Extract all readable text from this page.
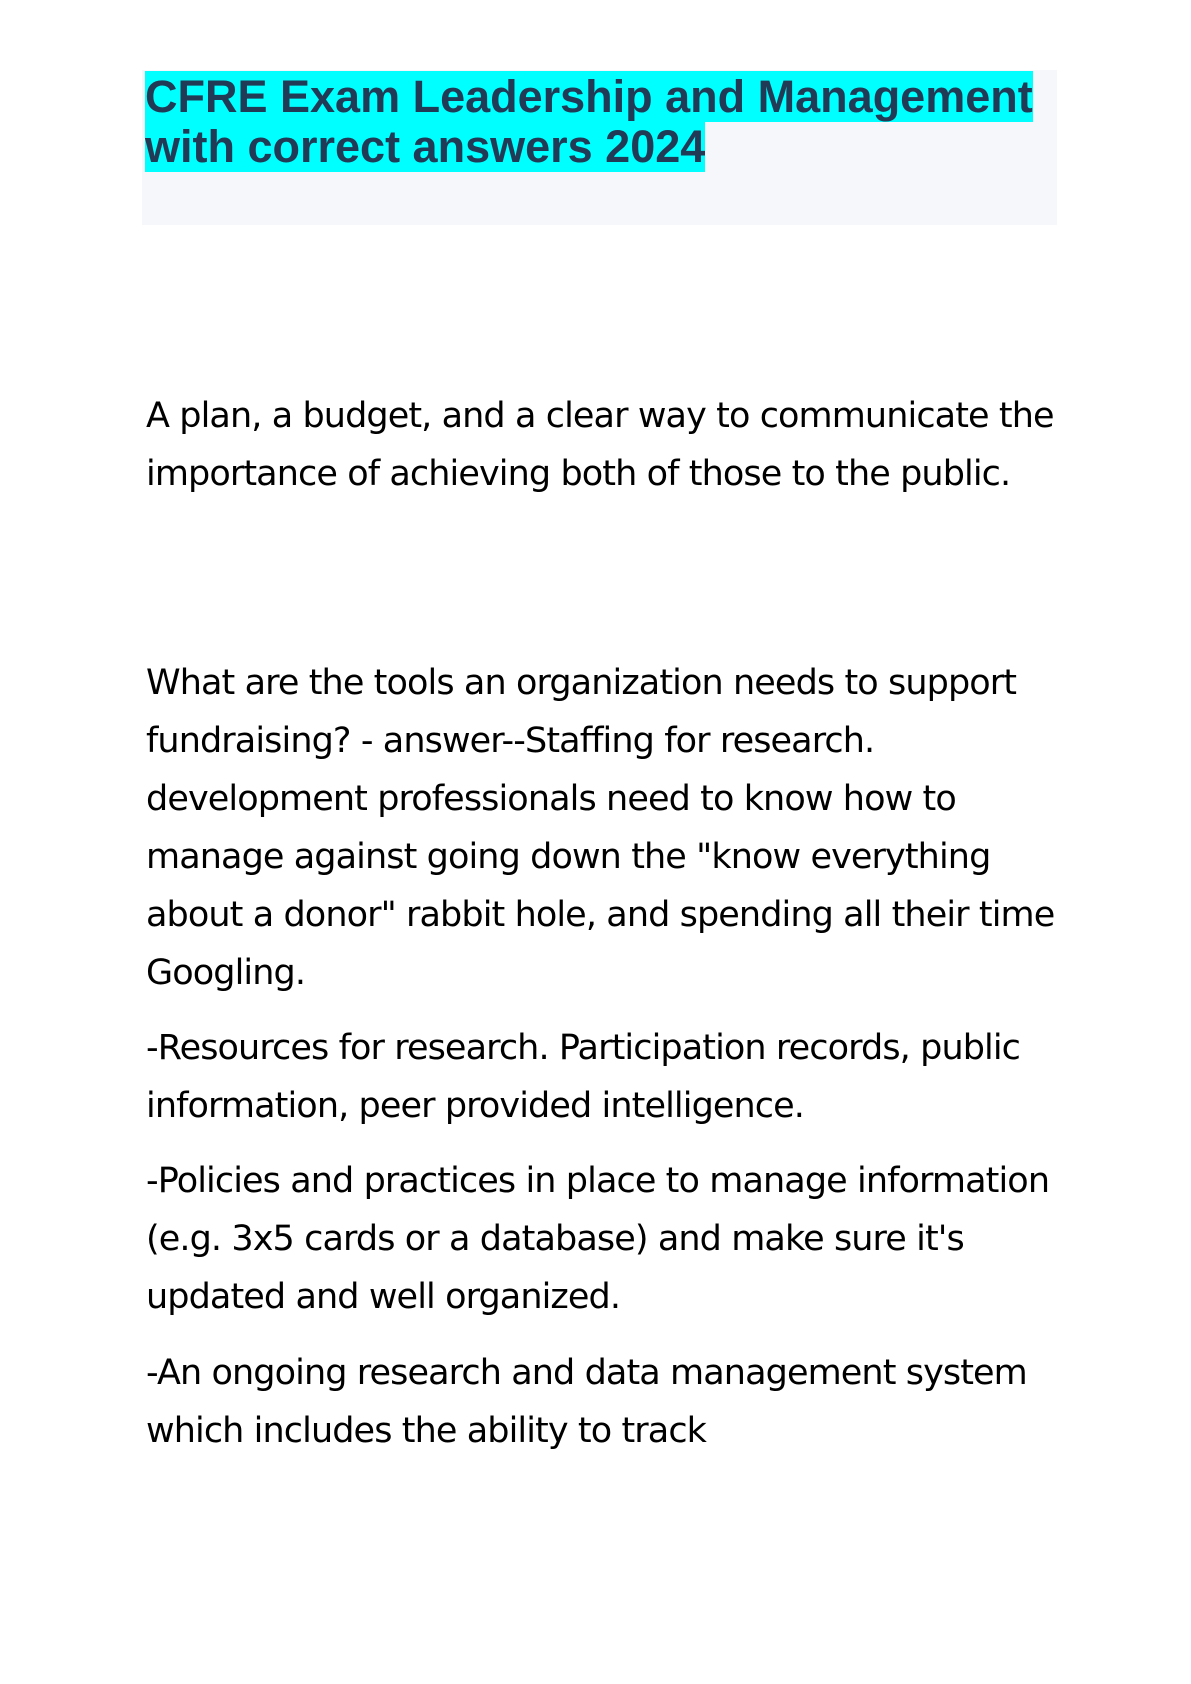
CFRE Exam Leadership and Management with correct answers 2024

A plan, a budget, and a clear way to communicate the importance of achieving both of those to the public.

What are the tools an organization needs to support fundraising? - answer--Staffing for research. development professionals need to know how to manage against going down the "know everything about a donor" rabbit hole, and spending all their time Googling.

-Resources for research. Participation records, public information, peer provided intelligence.

-Policies and practices in place to manage information (e.g. 3x5 cards or a database) and make sure it's updated and well organized.

-An ongoing research and data management system which includes the ability to track
